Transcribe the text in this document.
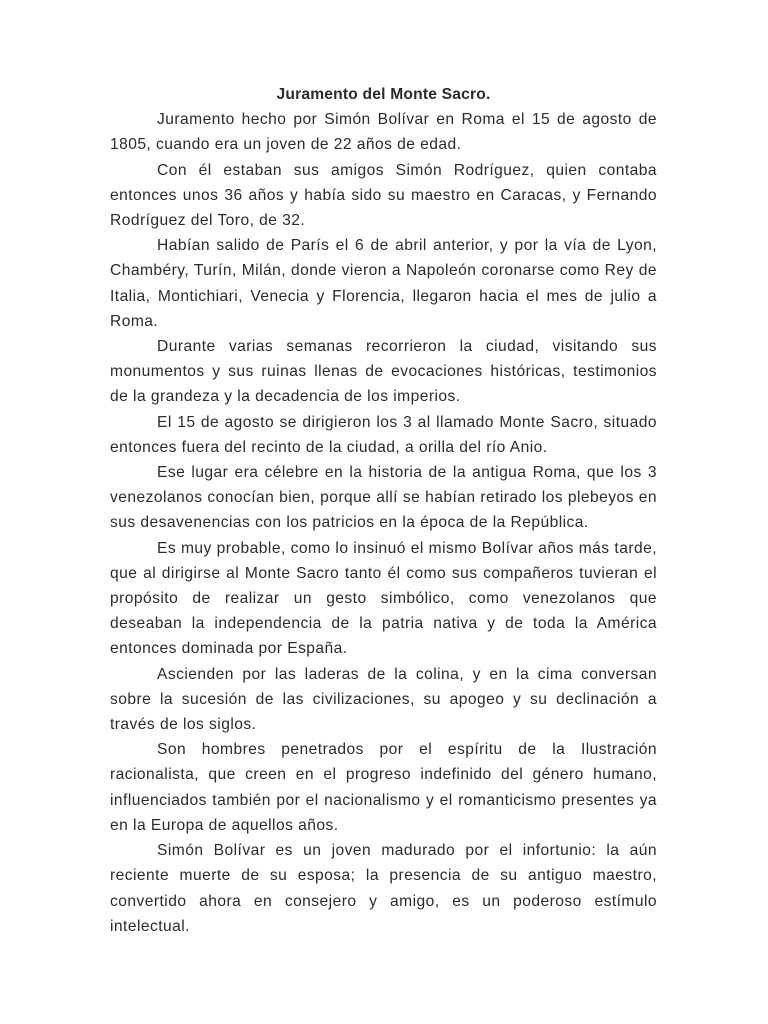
Juramento del Monte Sacro.

Juramento hecho por Simón Bolívar en Roma el 15 de agosto de 1805, cuando era un joven de 22 años de edad.

Con él estaban sus amigos Simón Rodríguez, quien contaba entonces unos 36 años y había sido su maestro en Caracas, y Fernando Rodríguez del Toro, de 32.

Habían salido de París el 6 de abril anterior, y por la vía de Lyon, Chambéry, Turín, Milán, donde vieron a Napoleón coronarse como Rey de Italia, Montichiari, Venecia y Florencia, llegaron hacia el mes de julio a Roma.

Durante varias semanas recorrieron la ciudad, visitando sus monumentos y sus ruinas llenas de evocaciones históricas, testimonios de la grandeza y la decadencia de los imperios.

El 15 de agosto se dirigieron los 3 al llamado Monte Sacro, situado entonces fuera del recinto de la ciudad, a orilla del río Anio.

Ese lugar era célebre en la historia de la antigua Roma, que los 3 venezolanos conocían bien, porque allí se habían retirado los plebeyos en sus desavenencias con los patricios en la época de la República.

Es muy probable, como lo insinuó el mismo Bolívar años más tarde, que al dirigirse al Monte Sacro tanto él como sus compañeros tuvieran el propósito de realizar un gesto simbólico, como venezolanos que deseaban la independencia de la patria nativa y de toda la América entonces dominada por España.

Ascienden por las laderas de la colina, y en la cima conversan sobre la sucesión de las civilizaciones, su apogeo y su declinación a través de los siglos.

Son hombres penetrados por el espíritu de la Ilustración racionalista, que creen en el progreso indefinido del género humano, influenciados también por el nacionalismo y el romanticismo presentes ya en la Europa de aquellos años.

Simón Bolívar es un joven madurado por el infortunio: la aún reciente muerte de su esposa; la presencia de su antiguo maestro, convertido ahora en consejero y amigo, es un poderoso estímulo intelectual.
